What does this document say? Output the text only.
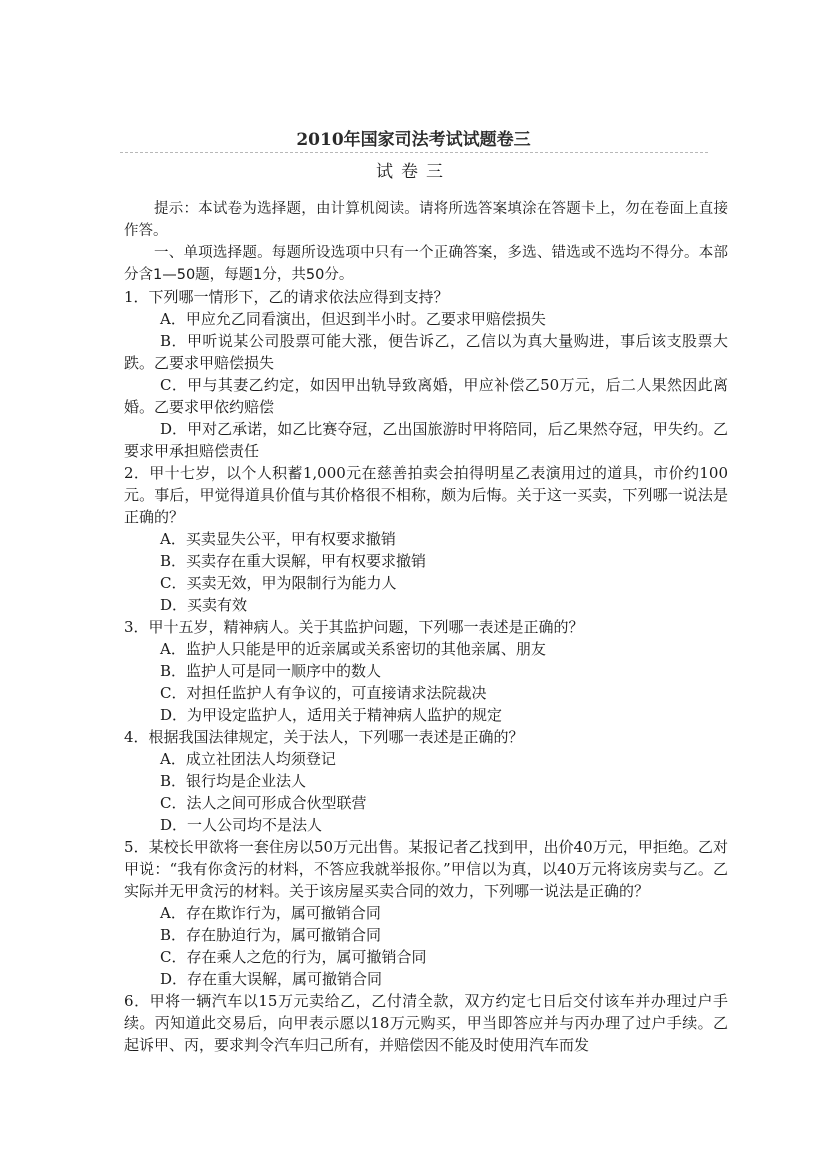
2010年国家司法考试试题卷三
试卷三

提示：本试卷为选择题，由计算机阅读。请将所选答案填涂在答题卡上，勿在卷面上直接作答。

一、单项选择题。每题所设选项中只有一个正确答案，多选、错选或不选均不得分。本部分含1—50题，每题1分，共50分。

1．下列哪一情形下，乙的请求依法应得到支持？

A．甲应允乙同看演出，但迟到半小时。乙要求甲赔偿损失

B．甲听说某公司股票可能大涨，便告诉乙，乙信以为真大量购进，事后该支股票大跌。乙要求甲赔偿损失

C．甲与其妻乙约定，如因甲出轨导致离婚，甲应补偿乙50万元，后二人果然因此离婚。乙要求甲依约赔偿

D．甲对乙承诺，如乙比赛夺冠，乙出国旅游时甲将陪同，后乙果然夺冠，甲失约。乙要求甲承担赔偿责任

2．甲十七岁，以个人积蓄1,000元在慈善拍卖会拍得明星乙表演用过的道具，市价约100元。事后，甲觉得道具价值与其价格很不相称，颇为后悔。关于这一买卖，下列哪一说法是正确的？

A．买卖显失公平，甲有权要求撤销

B．买卖存在重大误解，甲有权要求撤销

C．买卖无效，甲为限制行为能力人

D．买卖有效

3．甲十五岁，精神病人。关于其监护问题，下列哪一表述是正确的？

A．监护人只能是甲的近亲属或关系密切的其他亲属、朋友

B．监护人可是同一顺序中的数人

C．对担任监护人有争议的，可直接请求法院裁决

D．为甲设定监护人，适用关于精神病人监护的规定

4．根据我国法律规定，关于法人，下列哪一表述是正确的？

A．成立社团法人均须登记

B．银行均是企业法人

C．法人之间可形成合伙型联营

D．一人公司均不是法人

5．某校长甲欲将一套住房以50万元出售。某报记者乙找到甲，出价40万元，甲拒绝。乙对甲说：“我有你贪污的材料，不答应我就举报你。”甲信以为真，以40万元将该房卖与乙。乙实际并无甲贪污的材料。关于该房屋买卖合同的效力，下列哪一说法是正确的？

A．存在欺诈行为，属可撤销合同

B．存在胁迫行为，属可撤销合同

C．存在乘人之危的行为，属可撤销合同

D．存在重大误解，属可撤销合同

6．甲将一辆汽车以15万元卖给乙，乙付清全款，双方约定七日后交付该车并办理过户手续。丙知道此交易后，向甲表示愿以18万元购买，甲当即答应并与丙办理了过户手续。乙起诉甲、丙，要求判令汽车归己所有，并赔偿因不能及时使用汽车而发
